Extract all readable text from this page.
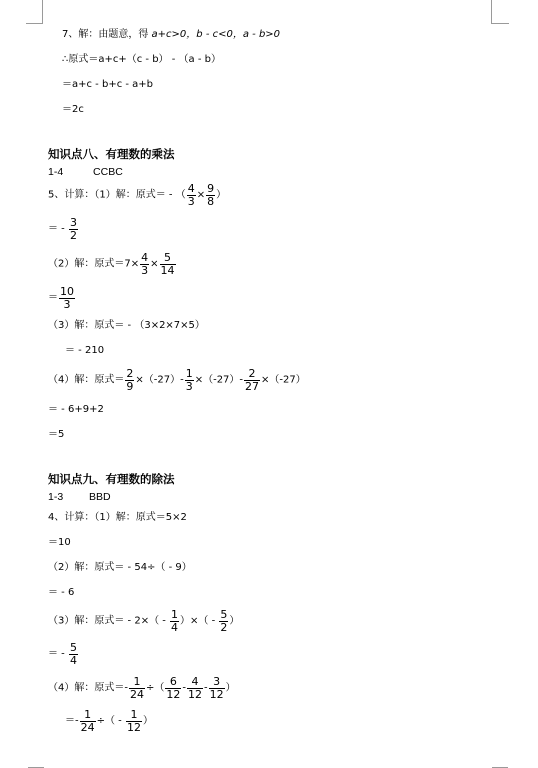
7、解：由题意，得 a+c>0，b - c<0，a - b>0
∴原式＝a+c+（c - b） - （a - b）
＝a+c - b+c - a+b
＝2c
知识点八、有理数的乘法
1-4	CCBC
5、计算：（1）解：原式＝ - （ $\frac{4}{3} \times \frac{9}{8}$ ）
＝ - $\frac{3}{2}$
（2）解：原式$=7\times \frac{4}{3} \times \frac{5}{14}$
＝ $\frac{10}{3}$
（3）解：原式＝ - （3×2×7×5）
＝ - 210
（4）解：原式＝ $\frac{2}{9} \times(-27)- \frac{1}{3} \times(-27)- \frac{2}{27} \times(-27)$
＝ - 6+9+2
＝5
知识点九、有理数的除法
1-3 BBD
4、计算：（1）解：原式＝5×2
＝10
（2）解：原式＝ - 54÷（ - 9）
＝ - 6
（3）解：原式＝ - $2\times( - \frac{1}{4}$ ）×（ - $\frac{5}{2}$ ）
＝ - $\frac{5}{4}$
（4）解：原式＝- $\frac{1}{24}$ ÷（ $\frac{6}{12} - \frac{4}{12} - \frac{3}{12}$ ）
＝- $\frac{1}{24}$ ÷（ - $\frac{1}{12}$ ）
